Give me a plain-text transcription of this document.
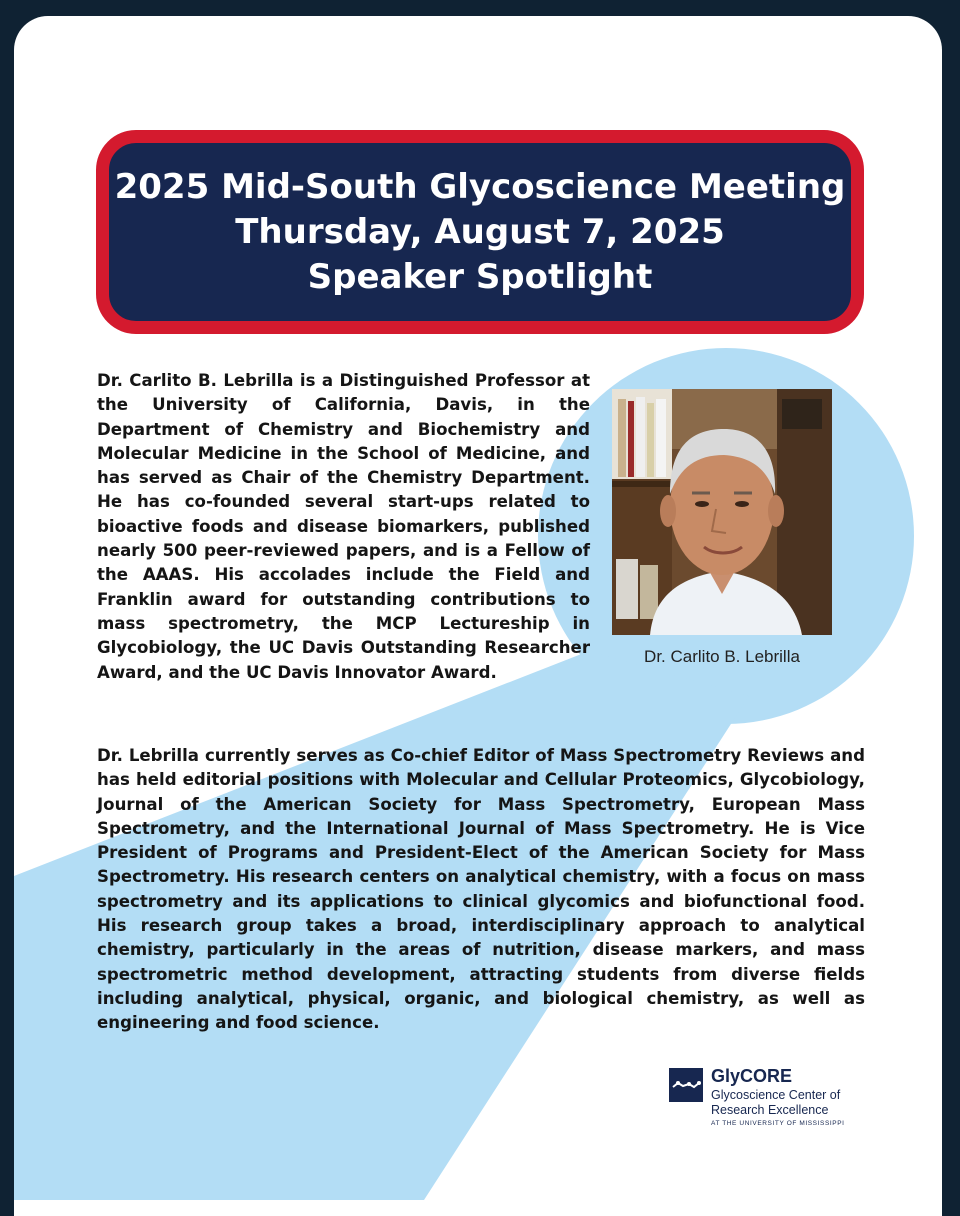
2025 Mid-South Glycoscience Meeting
Thursday, August 7, 2025
Speaker Spotlight

Dr. Carlito B. Lebrilla is a Distinguished Professor at the University of California, Davis, in the Department of Chemistry and Biochemistry and Molecular Medicine in the School of Medicine, and has served as Chair of the Chemistry Department. He has co-founded several start-ups related to bioactive foods and disease biomarkers, published nearly 500 peer-reviewed papers, and is a Fellow of the AAAS. His accolades include the Field and Franklin award for outstanding contributions to mass spectrometry, the MCP Lectureship in Glycobiology, the UC Davis Outstanding Researcher Award, and the UC Davis Innovator Award.

Dr. Carlito B. Lebrilla

Dr. Lebrilla currently serves as Co-chief Editor of Mass Spectrometry Reviews and has held editorial positions with Molecular and Cellular Proteomics, Glycobiology, Journal of the American Society for Mass Spectrometry, European Mass Spectrometry, and the International Journal of Mass Spectrometry. He is Vice President of Programs and President-Elect of the American Society for Mass Spectrometry. His research centers on analytical chemistry, with a focus on mass spectrometry and its applications to clinical glycomics and biofunctional food. His research group takes a broad, interdisciplinary approach to analytical chemistry, particularly in the areas of nutrition, disease markers, and mass spectrometric method development, attracting students from diverse fields including analytical, physical, organic, and biological chemistry, as well as engineering and food science.

GlyCORE
Glycoscience Center of Research Excellence
AT THE UNIVERSITY OF MISSISSIPPI
